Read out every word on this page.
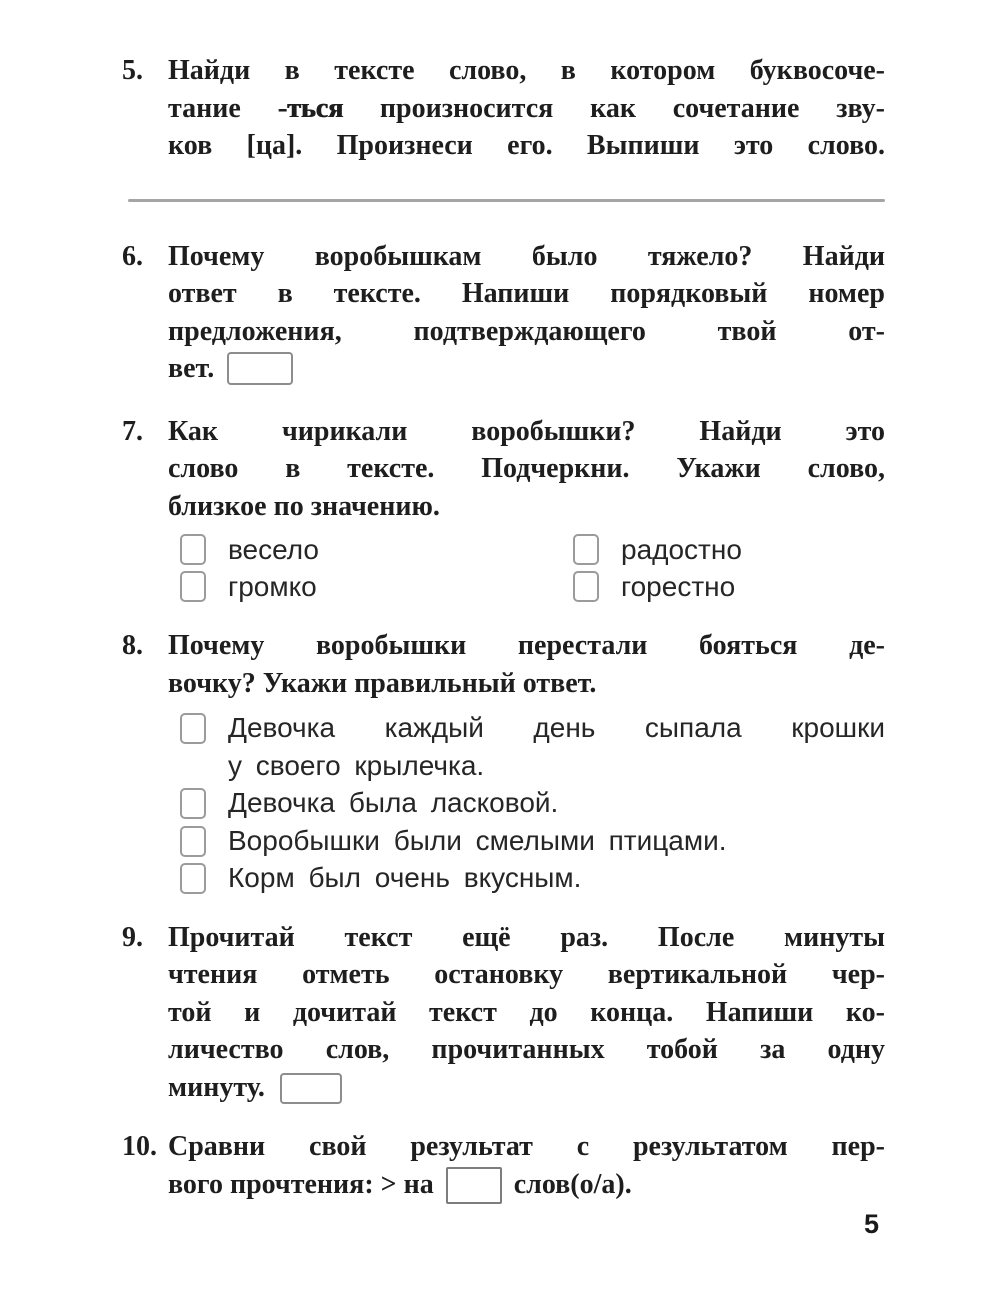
5. Найди в тексте слово, в котором буквосоче-
тание -ться произносится как сочетание зву-
ков [ца]. Произнеси его. Выпиши это слово.
6. Почему воробышкам было тяжело? Найди
ответ в тексте. Напиши порядковый номер
предложения, подтверждающего твой от-
вет.
7. Как чирикали воробышки? Найди это
слово в тексте. Подчеркни. Укажи слово,
близкое по значению.
весело
громко
радостно
горестно
8. Почему воробышки перестали бояться де-
вочку? Укажи правильный ответ.
Девочка каждый день сыпала крошки
у своего крылечка.
Девочка была ласковой.
Воробышки были смелыми птицами.
Корм был очень вкусным.
9. Прочитай текст ещё раз. После минуты
чтения отметь остановку вертикальной чер-
той и дочитай текст до конца. Напиши ко-
личество слов, прочитанных тобой за одну
минуту.
10. Сравни свой результат с результатом пер-
вого прочтения: > на	слов(о/а).
5
